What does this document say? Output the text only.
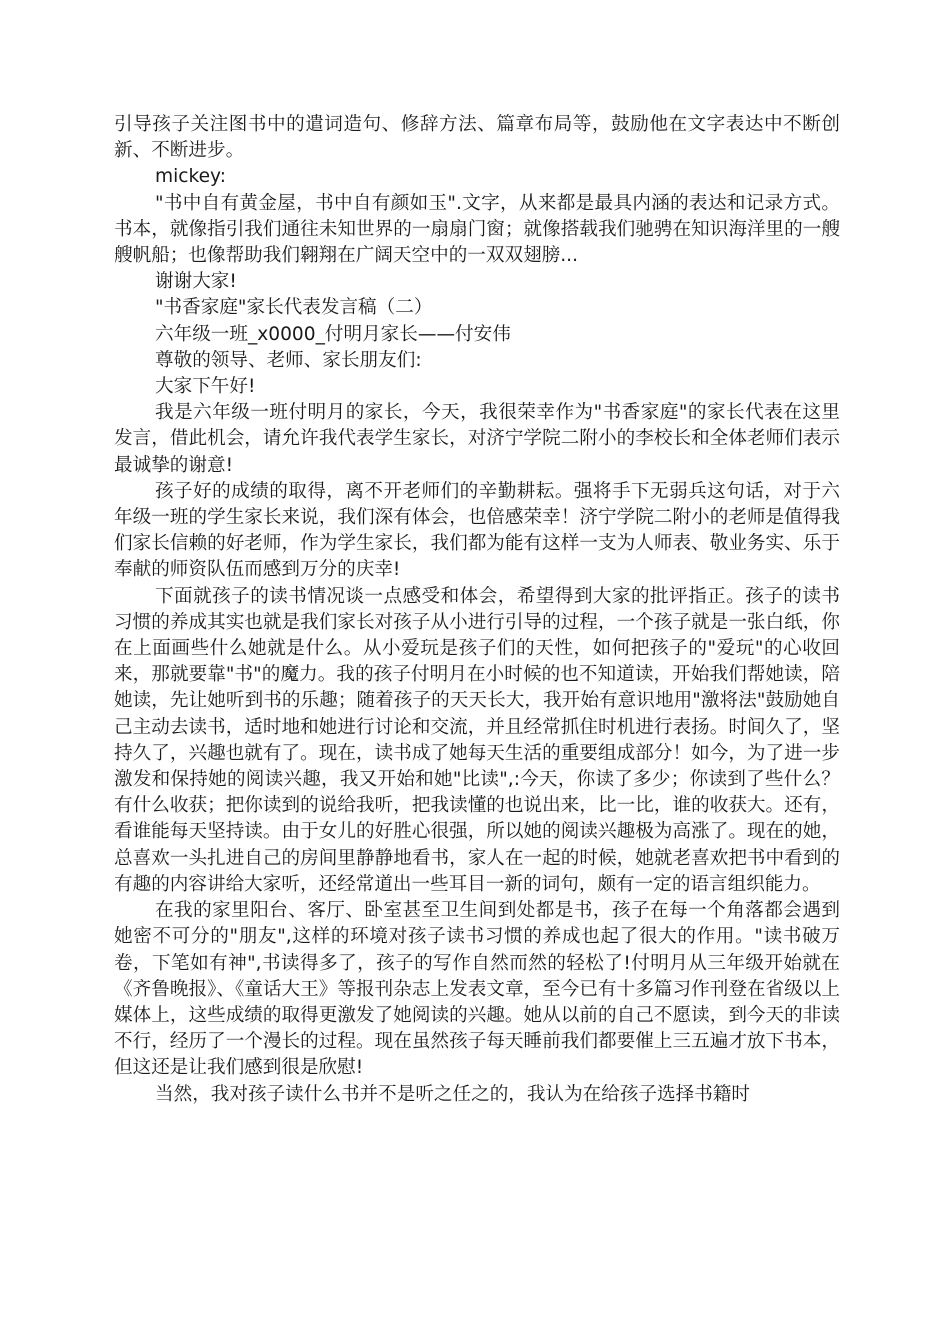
引导孩子关注图书中的遣词造句、修辞方法、篇章布局等，鼓励他在文字表达中不断创新、不断进步。

mickey:

"书中自有黄金屋，书中自有颜如玉".文字，从来都是最具内涵的表达和记录方式。书本，就像指引我们通往未知世界的一扇扇门窗；就像搭载我们驰骋在知识海洋里的一艘艘帆船；也像帮助我们翱翔在广阔天空中的一双双翅膀...

谢谢大家!

"书香家庭"家长代表发言稿（二）

六年级一班_x0000_付明月家长——付安伟

尊敬的领导、老师、家长朋友们:

大家下午好!

我是六年级一班付明月的家长，今天，我很荣幸作为"书香家庭"的家长代表在这里发言，借此机会，请允许我代表学生家长，对济宁学院二附小的李校长和全体老师们表示最诚挚的谢意!

孩子好的成绩的取得，离不开老师们的辛勤耕耘。强将手下无弱兵这句话，对于六年级一班的学生家长来说，我们深有体会，也倍感荣幸！济宁学院二附小的老师是值得我们家长信赖的好老师，作为学生家长，我们都为能有这样一支为人师表、敬业务实、乐于奉献的师资队伍而感到万分的庆幸!

下面就孩子的读书情况谈一点感受和体会，希望得到大家的批评指正。孩子的读书习惯的养成其实也就是我们家长对孩子从小进行引导的过程，一个孩子就是一张白纸，你在上面画些什么她就是什么。从小爱玩是孩子们的天性，如何把孩子的"爱玩"的心收回来，那就要靠"书"的魔力。我的孩子付明月在小时候的也不知道读，开始我们帮她读，陪她读，先让她听到书的乐趣；随着孩子的天天长大，我开始有意识地用"激将法"鼓励她自己主动去读书，适时地和她进行讨论和交流，并且经常抓住时机进行表扬。时间久了，坚持久了，兴趣也就有了。现在，读书成了她每天生活的重要组成部分！如今，为了进一步激发和保持她的阅读兴趣，我又开始和她"比读",:今天，你读了多少；你读到了些什么？有什么收获；把你读到的说给我听，把我读懂的也说出来，比一比，谁的收获大。还有，看谁能每天坚持读。由于女儿的好胜心很强，所以她的阅读兴趣极为高涨了。现在的她，总喜欢一头扎进自己的房间里静静地看书，家人在一起的时候，她就老喜欢把书中看到的有趣的内容讲给大家听，还经常道出一些耳目一新的词句，颇有一定的语言组织能力。

在我的家里阳台、客厅、卧室甚至卫生间到处都是书，孩子在每一个角落都会遇到她密不可分的"朋友",这样的环境对孩子读书习惯的养成也起了很大的作用。"读书破万卷，下笔如有神",书读得多了，孩子的写作自然而然的轻松了!付明月从三年级开始就在《齐鲁晚报》、《童话大王》等报刊杂志上发表文章，至今已有十多篇习作刊登在省级以上媒体上，这些成绩的取得更激发了她阅读的兴趣。她从以前的自己不愿读，到今天的非读不行，经历了一个漫长的过程。现在虽然孩子每天睡前我们都要催上三五遍才放下书本，但这还是让我们感到很是欣慰!

当然，我对孩子读什么书并不是听之任之的，我认为在给孩子选择书籍时
